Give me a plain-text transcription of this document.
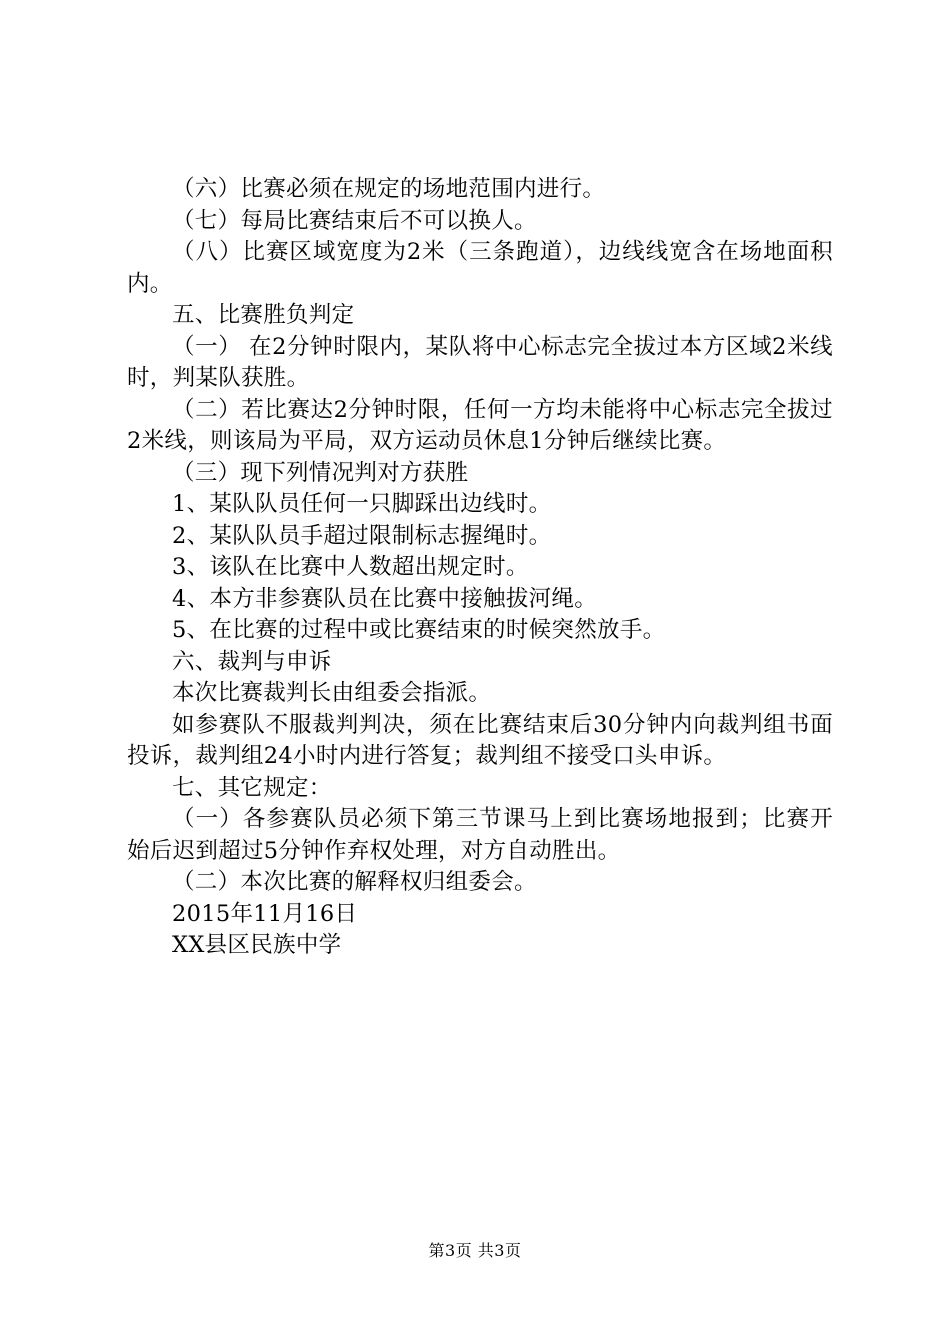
（六）比赛必须在规定的场地范围内进行。

（七）每局比赛结束后不可以换人。

（八）比赛区域宽度为2米（三条跑道），边线线宽含在场地面积内。

五、比赛胜负判定

（一） 在2分钟时限内，某队将中心标志完全拔过本方区域2米线时，判某队获胜。

（二）若比赛达2分钟时限，任何一方均未能将中心标志完全拔过2米线，则该局为平局，双方运动员休息1分钟后继续比赛。

（三）现下列情况判对方获胜

1、某队队员任何一只脚踩出边线时。

2、某队队员手超过限制标志握绳时。

3、该队在比赛中人数超出规定时。

4、本方非参赛队员在比赛中接触拔河绳。

5、在比赛的过程中或比赛结束的时候突然放手。

六、裁判与申诉

本次比赛裁判长由组委会指派。

如参赛队不服裁判判决，须在比赛结束后30分钟内向裁判组书面投诉，裁判组24小时内进行答复；裁判组不接受口头申诉。

七、其它规定：

（一）各参赛队员必须下第三节课马上到比赛场地报到；比赛开始后迟到超过5分钟作弃权处理，对方自动胜出。

（二）本次比赛的解释权归组委会。

2015年11月16日

XX县区民族中学

第3页 共3页
